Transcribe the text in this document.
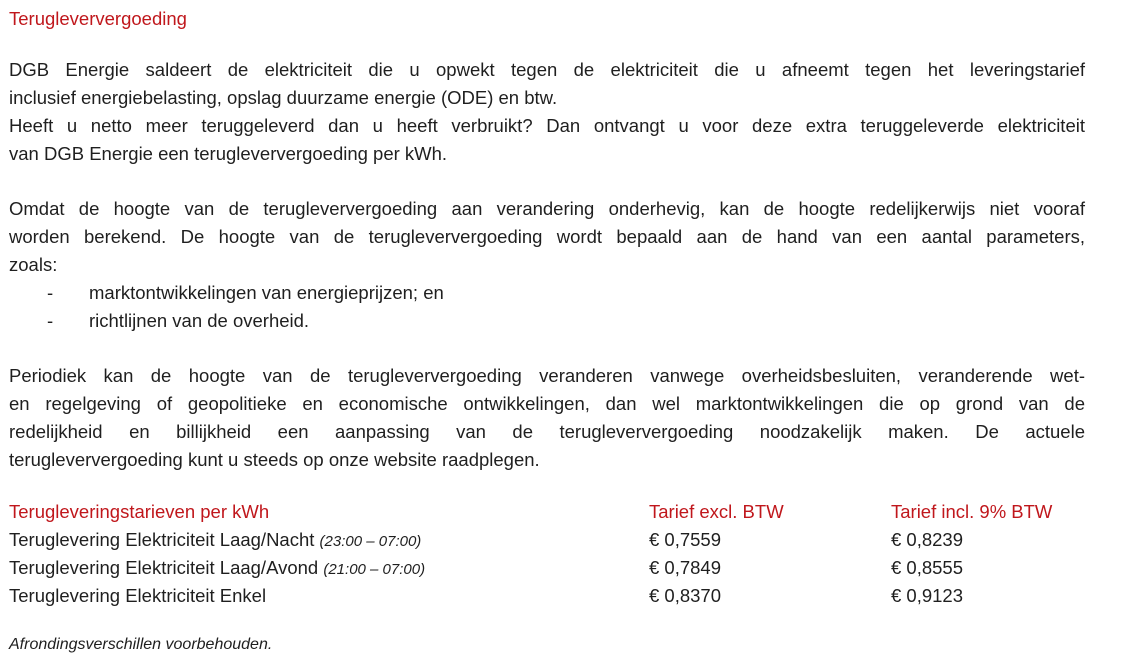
Terugleververgoeding
DGB Energie saldeert de elektriciteit die u opwekt tegen de elektriciteit die u afneemt tegen het leveringstarief
inclusief energiebelasting, opslag duurzame energie (ODE) en btw.
Heeft u netto meer teruggeleverd dan u heeft verbruikt? Dan ontvangt u voor deze extra teruggeleverde elektriciteit
van DGB Energie een terugleververgoeding per kWh.
Omdat de hoogte van de terugleververgoeding aan verandering onderhevig, kan de hoogte redelijkerwijs niet vooraf
worden berekend. De hoogte van de terugleververgoeding wordt bepaald aan de hand van een aantal parameters,
zoals:
- marktontwikkelingen van energieprijzen; en
- richtlijnen van de overheid.
Periodiek kan de hoogte van de terugleververgoeding veranderen vanwege overheidsbesluiten, veranderende wet-
en regelgeving of geopolitieke en economische ontwikkelingen, dan wel marktontwikkelingen die op grond van de
redelijkheid en billijkheid een aanpassing van de terugleververgoeding noodzakelijk maken. De actuele
terugleververgoeding kunt u steeds op onze website raadplegen.
Terugleveringstarieven per kWh	Tarief excl. BTW	Tarief incl. 9% BTW
Teruglevering Elektriciteit Laag/Nacht (23:00 – 07:00)	€ 0,7559	€ 0,8239
Teruglevering Elektriciteit Laag/Avond (21:00 – 07:00)	€ 0,7849	€ 0,8555
Teruglevering Elektriciteit Enkel	€ 0,8370	€ 0,9123
Afrondingsverschillen voorbehouden.
